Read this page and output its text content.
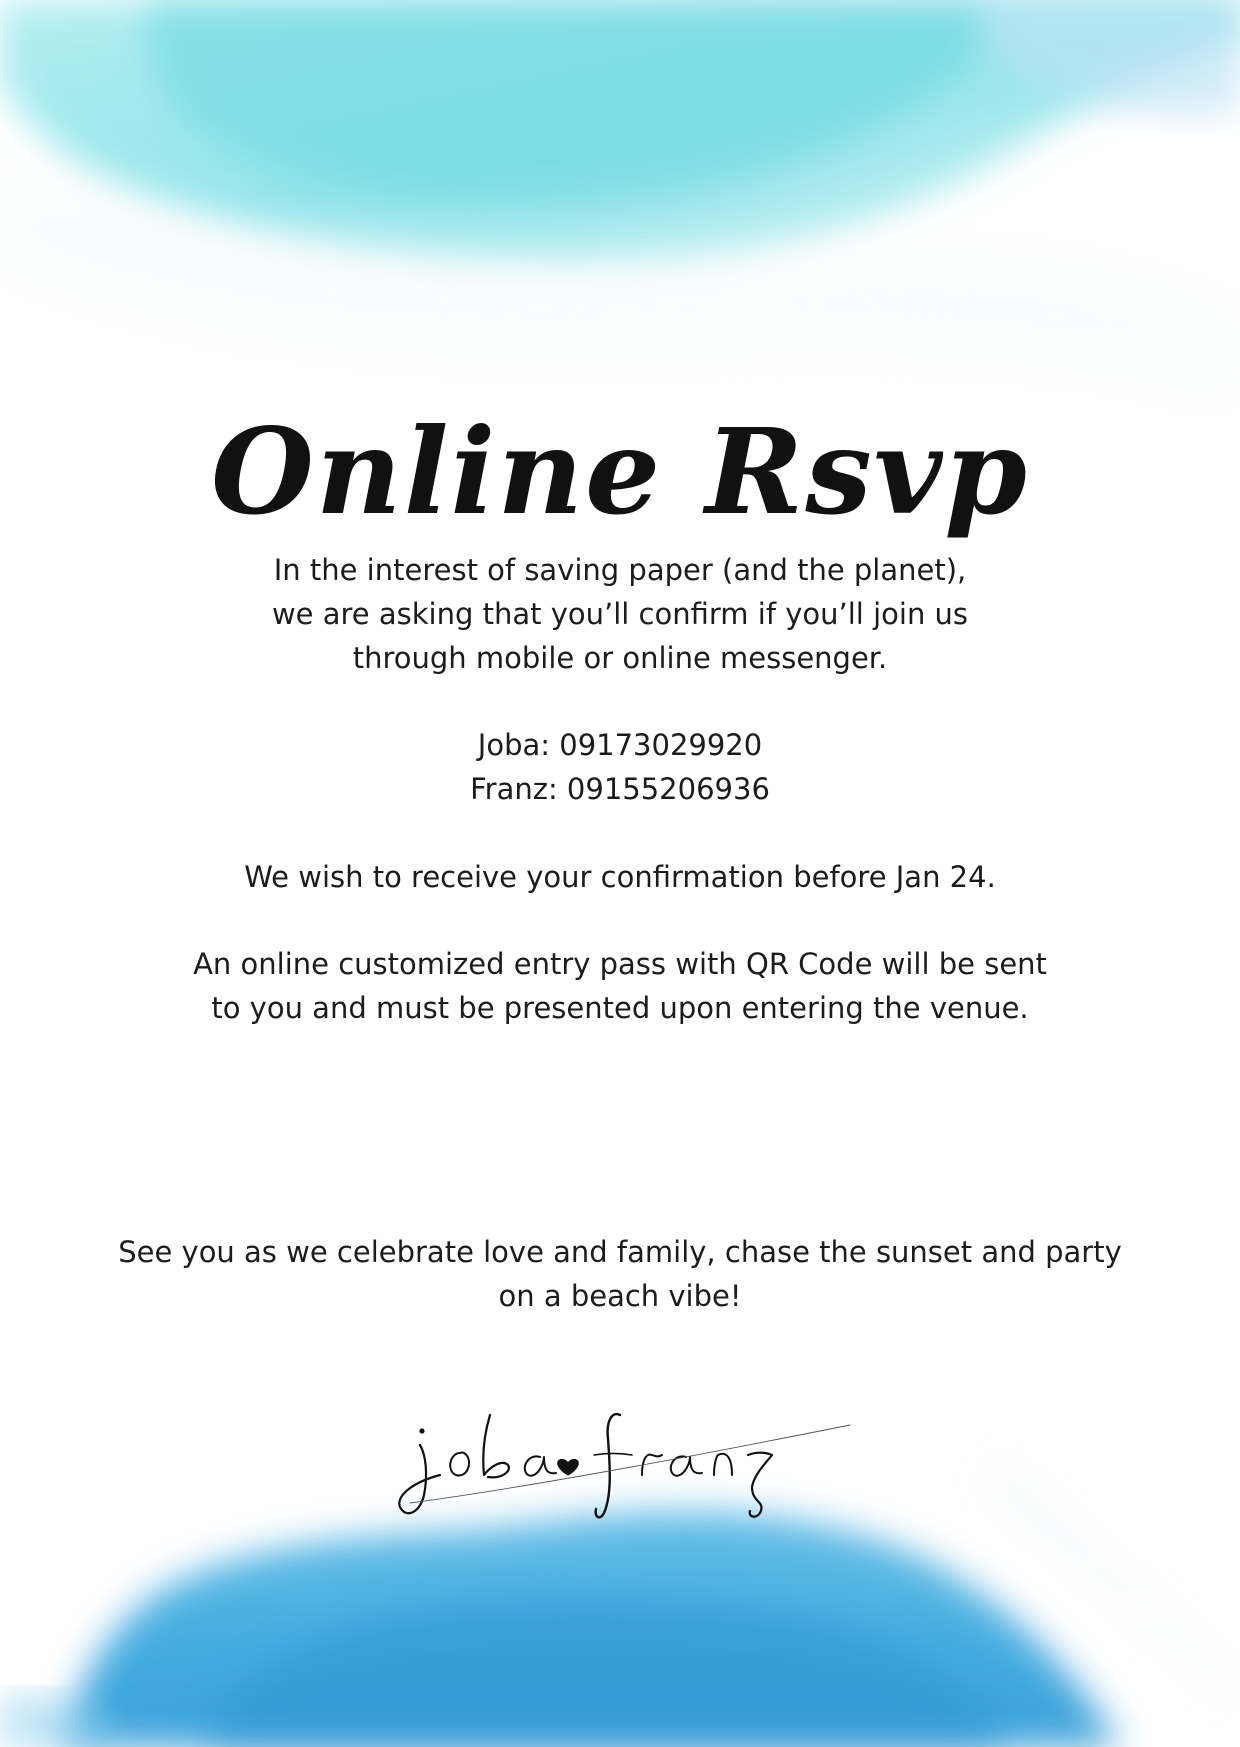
Online Rsvp

In the interest of saving paper (and the planet),
we are asking that you’ll confirm if you’ll join us
through mobile or online messenger.

Joba: 09173029920
Franz: 09155206936

We wish to receive your confirmation before Jan 24.

An online customized entry pass with QR Code will be sent
to you and must be presented upon entering the venue.

See you as we celebrate love and family, chase the sunset and party
on a beach vibe!
